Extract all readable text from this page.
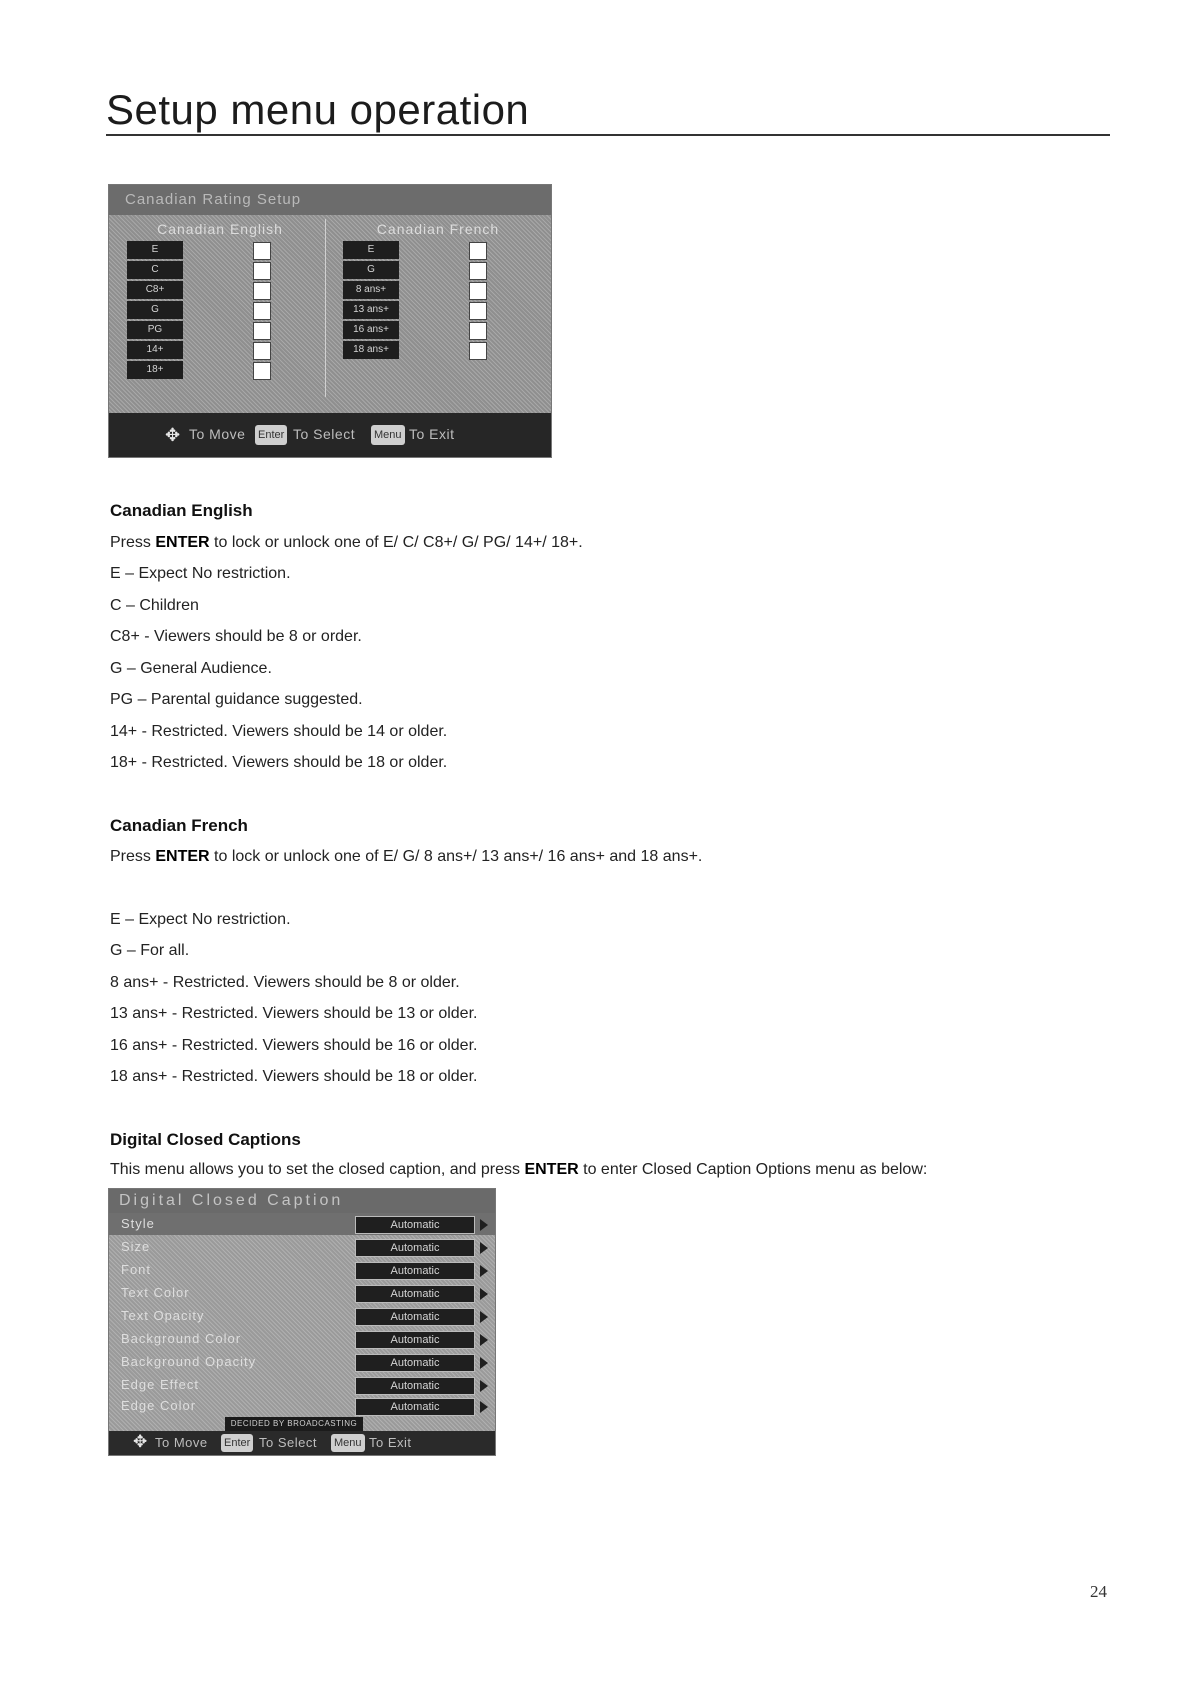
Setup menu operation
Canadian Rating Setup
Canadian English
E
C
C8+
G
PG
14+
18+
Canadian French
E
G
8 ans+
13 ans+
16 ans+
18 ans+
✥ To Move Enter To Select Menu To Exit
Canadian English

Press ENTER to lock or unlock one of E/ C/ C8+/ G/ PG/ 14+/ 18+.

E – Expect No restriction.

C – Children

C8+ - Viewers should be 8 or order.

G – General Audience.

PG – Parental guidance suggested.

14+ - Restricted. Viewers should be 14 or older.

18+ - Restricted. Viewers should be 18 or older.

Canadian French

Press ENTER to lock or unlock one of E/ G/ 8 ans+/ 13 ans+/ 16 ans+ and 18 ans+.

E – Expect No restriction.

G – For all.

8 ans+ - Restricted. Viewers should be 8 or older.

13 ans+ - Restricted. Viewers should be 13 or older.

16 ans+ - Restricted. Viewers should be 16 or older.

18 ans+ - Restricted. Viewers should be 18 or older.

Digital Closed Captions

This menu allows you to set the closed caption, and press ENTER to enter Closed Caption Options menu as below:

Digital Closed Caption
Style	Automatic
Size	Automatic
Font	Automatic
Text Color	Automatic
Text Opacity	Automatic
Background Color	Automatic
Background Opacity	Automatic
Edge Effect	Automatic
Edge Color	Automatic
DECIDED BY BROADCASTING
✥ To Move Enter To Select Menu To Exit
24
